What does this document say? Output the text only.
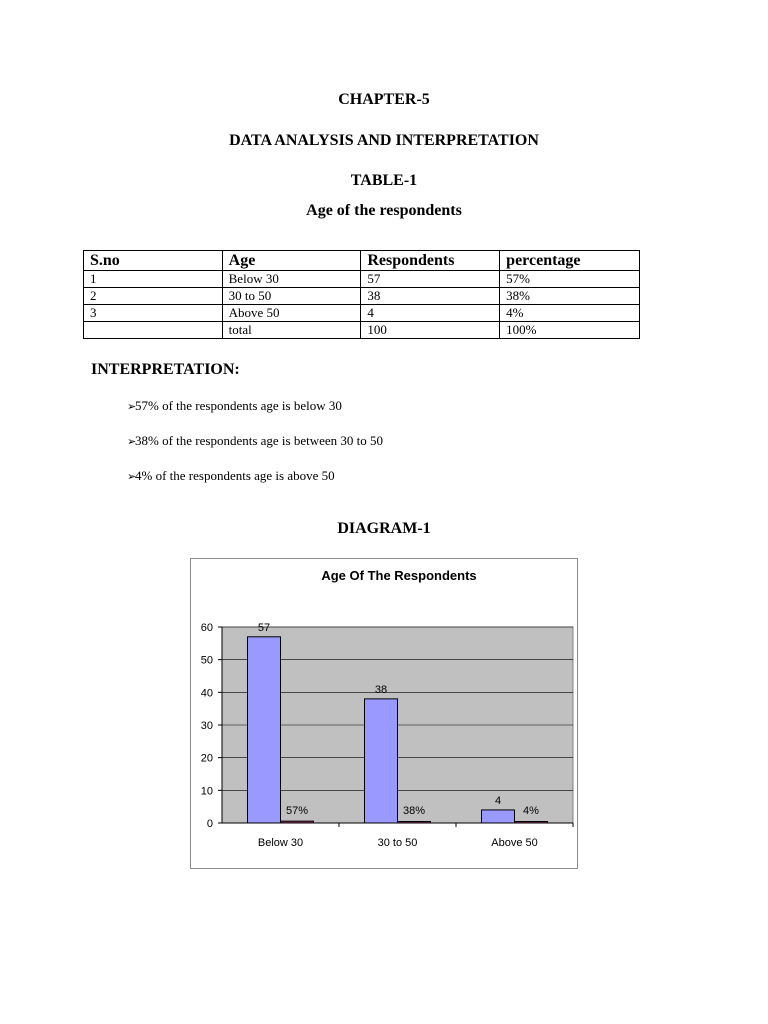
CHAPTER-5
DATA ANALYSIS AND INTERPRETATION
TABLE-1
Age of the respondents
S.no	Age	Respondents	percentage
1	Below 30	57	57%
2	30 to 50	38	38%
3	Above 50	4	4%
	total	100	100%
INTERPRETATION:
➢57% of the respondents age is below 30
➢38% of the respondents age is between 30 to 50
➢4% of the respondents age is above 50
DIAGRAM-1
Age Of The Respondents
0
10
20
30
40
50
60
Below 30
57
57%
30 to 50
38
38%
Above 50
4
4%
